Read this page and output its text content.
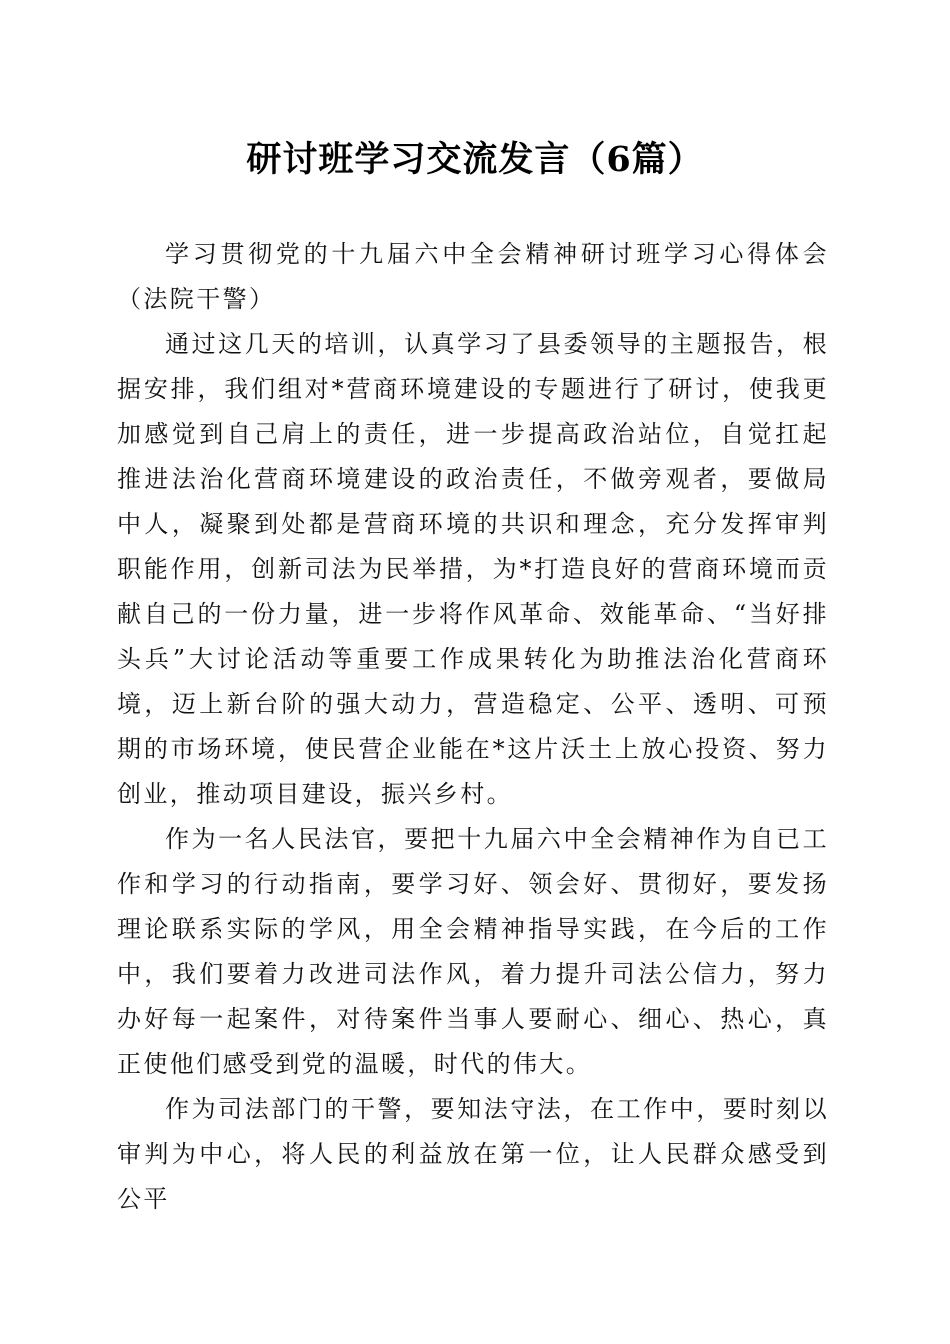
研讨班学习交流发言（6篇）

学习贯彻党的十九届六中全会精神研讨班学习心得体会（法院干警）

通过这几天的培训，认真学习了县委领导的主题报告，根据安排，我们组对*营商环境建设的专题进行了研讨，使我更加感觉到自己肩上的责任，进一步提高政治站位，自觉扛起推进法治化营商环境建设的政治责任，不做旁观者，要做局中人，凝聚到处都是营商环境的共识和理念，充分发挥审判职能作用，创新司法为民举措，为*打造良好的营商环境而贡献自己的一份力量，进一步将作风革命、效能革命、“当好排头兵”大讨论活动等重要工作成果转化为助推法治化营商环境，迈上新台阶的强大动力，营造稳定、公平、透明、可预期的市场环境，使民营企业能在*这片沃土上放心投资、努力创业，推动项目建设，振兴乡村。

作为一名人民法官，要把十九届六中全会精神作为自已工作和学习的行动指南，要学习好、领会好、贯彻好，要发扬理论联系实际的学风，用全会精神指导实践，在今后的工作中，我们要着力改进司法作风，着力提升司法公信力，努力办好每一起案件，对待案件当事人要耐心、细心、热心，真正使他们感受到党的温暖，时代的伟大。

作为司法部门的干警，要知法守法，在工作中，要时刻以审判为中心，将人民的利益放在第一位，让人民群众感受到公平
